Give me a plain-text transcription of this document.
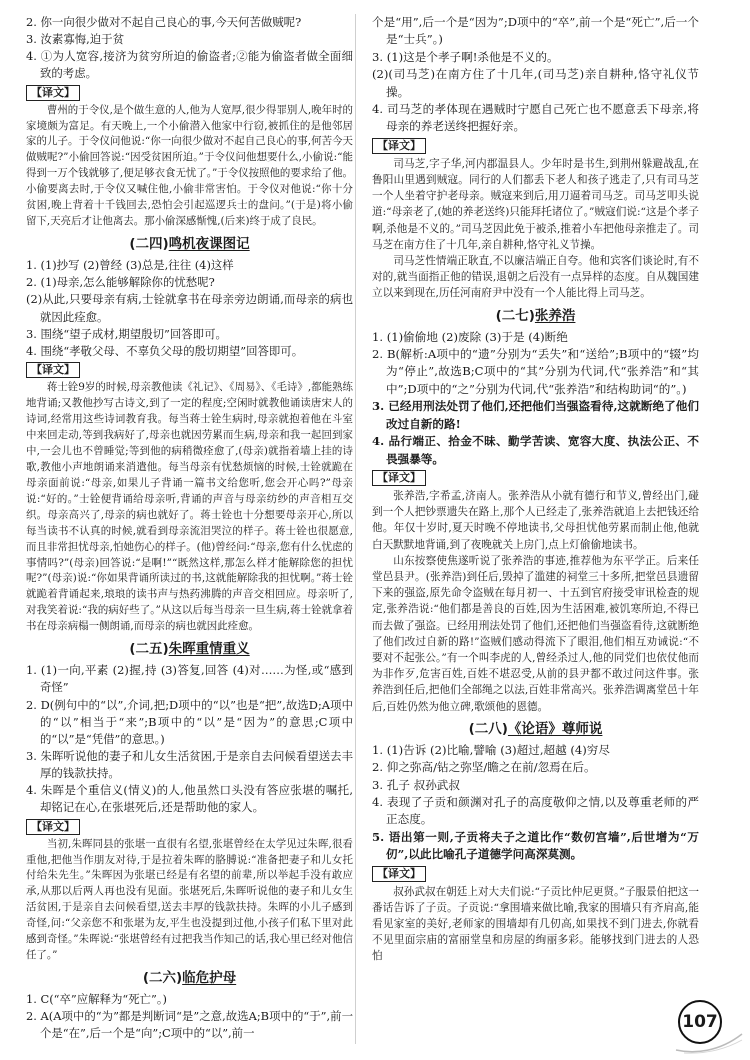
2. 你一向很少做对不起自己良心的事,今天何苦做贼呢?

3. 汝素寡悔,迫于贫

4. ①为人宽容,接济为贫穷所迫的偷盗者;②能为偷盗者做全面细致的考虑。

【译文】

曹州的于令仪,是个做生意的人,他为人宽厚,很少得罪别人,晚年时的家境颇为富足。有天晚上,一个小偷潜入他家中行窃,被抓住的是他邻居家的儿子。于令仪问他说:“你一向很少做对不起自己良心的事,何苦今天做贼呢?”小偷回答说:“因受贫困所迫。”于令仪问他想要什么,小偷说:“能得到一万个钱就够了,便足够衣食无忧了。”于令仪按照他的要求给了他。小偷要离去时,于令仪又喊住他,小偷非常害怕。于令仪对他说:“你十分贫困,晚上背着十千钱回去,恐怕会引起巡逻兵士的盘问。”(于是)将小偷留下,天亮后才让他离去。那小偷深感惭愧,(后来)终于成了良民。

(二四)鸣机夜课图记

1. (1)抄写 (2)曾经 (3)总是,往往 (4)这样

2. (1)母亲,怎么能够解除你的忧愁呢?

(2)从此,只要母亲有病,士铨就拿书在母亲旁边朗诵,而母亲的病也就因此痊愈。

3. 围绕“望子成材,期望殷切”回答即可。

4. 围绕“孝敬父母、不辜负父母的殷切期望”回答即可。

【译文】

蒋士铨9岁的时候,母亲教他读《礼记》、《周易》、《毛诗》,都能熟练地背诵;又教他抄写古诗文,到了一定的程度;空闲时就教他诵读唐宋人的诗词,经常用这些诗词教育我。每当蒋士铨生病时,母亲就抱着他在斗室中来回走动,等到我病好了,母亲也就因劳累而生病,母亲和我一起回到家中,一会儿也不曾睡觉;等到他的病稍微痊愈了,(母亲)就指着墙上挂的诗歌,教他小声地朗诵来消遣他。每当母亲有忧愁烦恼的时候,士铨就跪在母亲面前说:“母亲,如果儿子背诵一篇书文给您听,您会开心吗?”母亲说:“好的。”士铨便背诵给母亲听,背诵的声音与母亲纺纱的声音相互交织。母亲高兴了,母亲的病也就好了。蒋士铨也十分想要母亲开心,所以每当读书不认真的时候,就看到母亲流泪哭泣的样子。蒋士铨也很愿意,而且非常担忧母亲,怕她伤心的样子。(他)曾经问:“母亲,您有什么忧虑的事情吗?”(母亲)回答说:“是啊!”“既然这样,那怎么样才能解除您的担忧呢?”(母亲)说:“你如果背诵所读过的书,这就能解除我的担忧啊。”蒋士铨就跪着背诵起来,琅琅的读书声与热药沸腾的声音交相回应。母亲听了,对我笑着说:“我的病好些了。”从这以后每当母亲一旦生病,蒋士铨就拿着书在母亲病榻一侧朗诵,而母亲的病也就因此痊愈。

(二五)朱晖重情重义

1. (1)一向,平素 (2)握,持 (3)答复,回答 (4)对……为怪,或“感到奇怪”

2. D(例句中的“以”,介词,把;D项中的“以”也是“把”,故选D;A项中的“以”相当于“来”;B项中的“以”是“因为”的意思;C项中的“以”是“凭借”的意思。)

3. 朱晖听说他的妻子和儿女生活贫困,于是亲自去问候看望送去丰厚的钱款扶持。

4. 朱晖是个重信义(情义)的人,他虽然口头没有答应张堪的嘱托,却铭记在心,在张堪死后,还是帮助他的家人。

【译文】

当初,朱晖同县的张堪一直很有名望,张堪曾经在太学见过朱晖,很看重他,把他当作朋友对待,于是拉着朱晖的胳膊说:“准备把妻子和儿女托付给朱先生。”朱晖因为张堪已经是有名望的前辈,所以举起手没有敢应承,从那以后两人再也没有见面。张堪死后,朱晖听说他的妻子和儿女生活贫困,于是亲自去问候看望,送去丰厚的钱款扶持。朱晖的小儿子感到奇怪,问:“父亲您不和张堪为友,平生也没提到过他,小孩子们私下里对此感到奇怪。”朱晖说:“张堪曾经有过把我当作知己的话,我心里已经对他信任了。”

(二六)临危护母

1. C(“卒”应解释为“死亡”。)

2. A(A项中的“为”都是判断词“是”之意,故选A;B项中的“于”,前一个是“在”,后一个是“向”;C项中的“以”,前一

个是“用”,后一个是“因为”;D项中的“卒”,前一个是“死亡”,后一个是“士兵”。)

3. (1)这是个孝子啊!杀他是不义的。

(2)(司马芝)在南方住了十几年,(司马芝)亲自耕种,恪守礼仪节操。

4. 司马芝的孝体现在遇贼时宁愿自己死亡也不愿意丢下母亲,将母亲的养老送终把握好亲。

【译文】

司马芝,字子华,河内郡温县人。少年时是书生,到荆州躲避战乱,在鲁阳山里遇到贼寇。同行的人们都丢下老人和孩子逃走了,只有司马芝一个人坐着守护老母亲。贼寇来到后,用刀逼着司马芝。司马芝叩头说道:“母亲老了,(她的养老送终)只能拜托诸位了。”贼寇们说:“这是个孝子啊,杀他是不义的。”司马芝因此免于被杀,推着小车把他母亲推走了。司马芝在南方住了十几年,亲自耕种,恪守礼义节操。

司马芝性情端正耿直,不以廉洁端正自夸。他和宾客们谈论时,有不对的,就当面指正他的错误,退朝之后没有一点异样的态度。自从魏国建立以来到现在,历任河南府尹中没有一个人能比得上司马芝。

(二七)张养浩

1. (1)偷偷地 (2)废除 (3)于是 (4)断绝

2. B(解析:A项中的“遗”分别为“丢失”和“送给”;B项中的“辍”均为“停止”,故选B;C项中的“其”分别为代词,代“张养浩”和“其中”;D项中的“之”分别为代词,代“张养浩”和结构助词“的”。)

3. 已经用刑法处罚了他们,还把他们当强盗看待,这就断绝了他们改过自新的路!

4. 品行端正、拾金不昧、勤学苦读、宽容大度、执法公正、不畏强暴等。

【译文】

张养浩,字希孟,济南人。张养浩从小就有德行和节义,曾经出门,碰到一个人把钞票遗失在路上,那个人已经走了,张养浩就追上去把钱还给他。年仅十岁时,夏天时晚不停地读书,父母担忧他劳累而制止他,他就白天默默地背诵,到了夜晚就关上房门,点上灯偷偷地读书。

山东按察使焦遂听说了张养浩的事迹,推荐他为东平学正。后来任堂邑县尹。(张养浩)到任后,毁掉了滥建的祠堂三十多所,把堂邑县遗留下来的强盗,原先命令盗贼在每月初一、十五到官府接受审讯检查的规定,张养浩说:“他们都是善良的百姓,因为生活困难,被饥寒所迫,不得已而去做了强盗。已经用刑法处罚了他们,还把他们当强盗看待,这就断绝了他们改过自新的路!”盗贼们感动得流下了眼泪,他们相互劝诫说:“不要对不起张公。”有一个叫李虎的人,曾经杀过人,他的同党们也依仗他而为非作歹,危害百姓,百姓不堪忍受,从前的县尹都不敢过问这件事。张养浩到任后,把他们全部绳之以法,百姓非常高兴。张养浩调离堂邑十年后,百姓仍然为他立碑,歌颂他的恩德。

(二八)《论语》尊师说

1. (1)告诉 (2)比喻,譬喻 (3)超过,超越 (4)穷尽

2. 仰之弥高/钻之弥坚/瞻之在前/忽焉在后。

3. 孔子 叔孙武叔

4. 表现了子贡和颜渊对孔子的高度敬仰之情,以及尊重老师的严正态度。

5. 语出第一则,子贡将夫子之道比作“数仞宫墙”,后世增为“万仞”,以此比喻孔子道德学问高深莫测。

【译文】

叔孙武叔在朝廷上对大夫们说:“子贡比仲尼更贤。”子服景伯把这一番话告诉了子贡。子贡说:“拿围墙来做比喻,我家的围墙只有齐肩高,能看见家室的美好,老师家的围墙却有几仞高,如果找不到门进去,你就看不见里面宗庙的富丽堂皇和房屋的绚丽多彩。能够找到门进去的人恐怕

107
